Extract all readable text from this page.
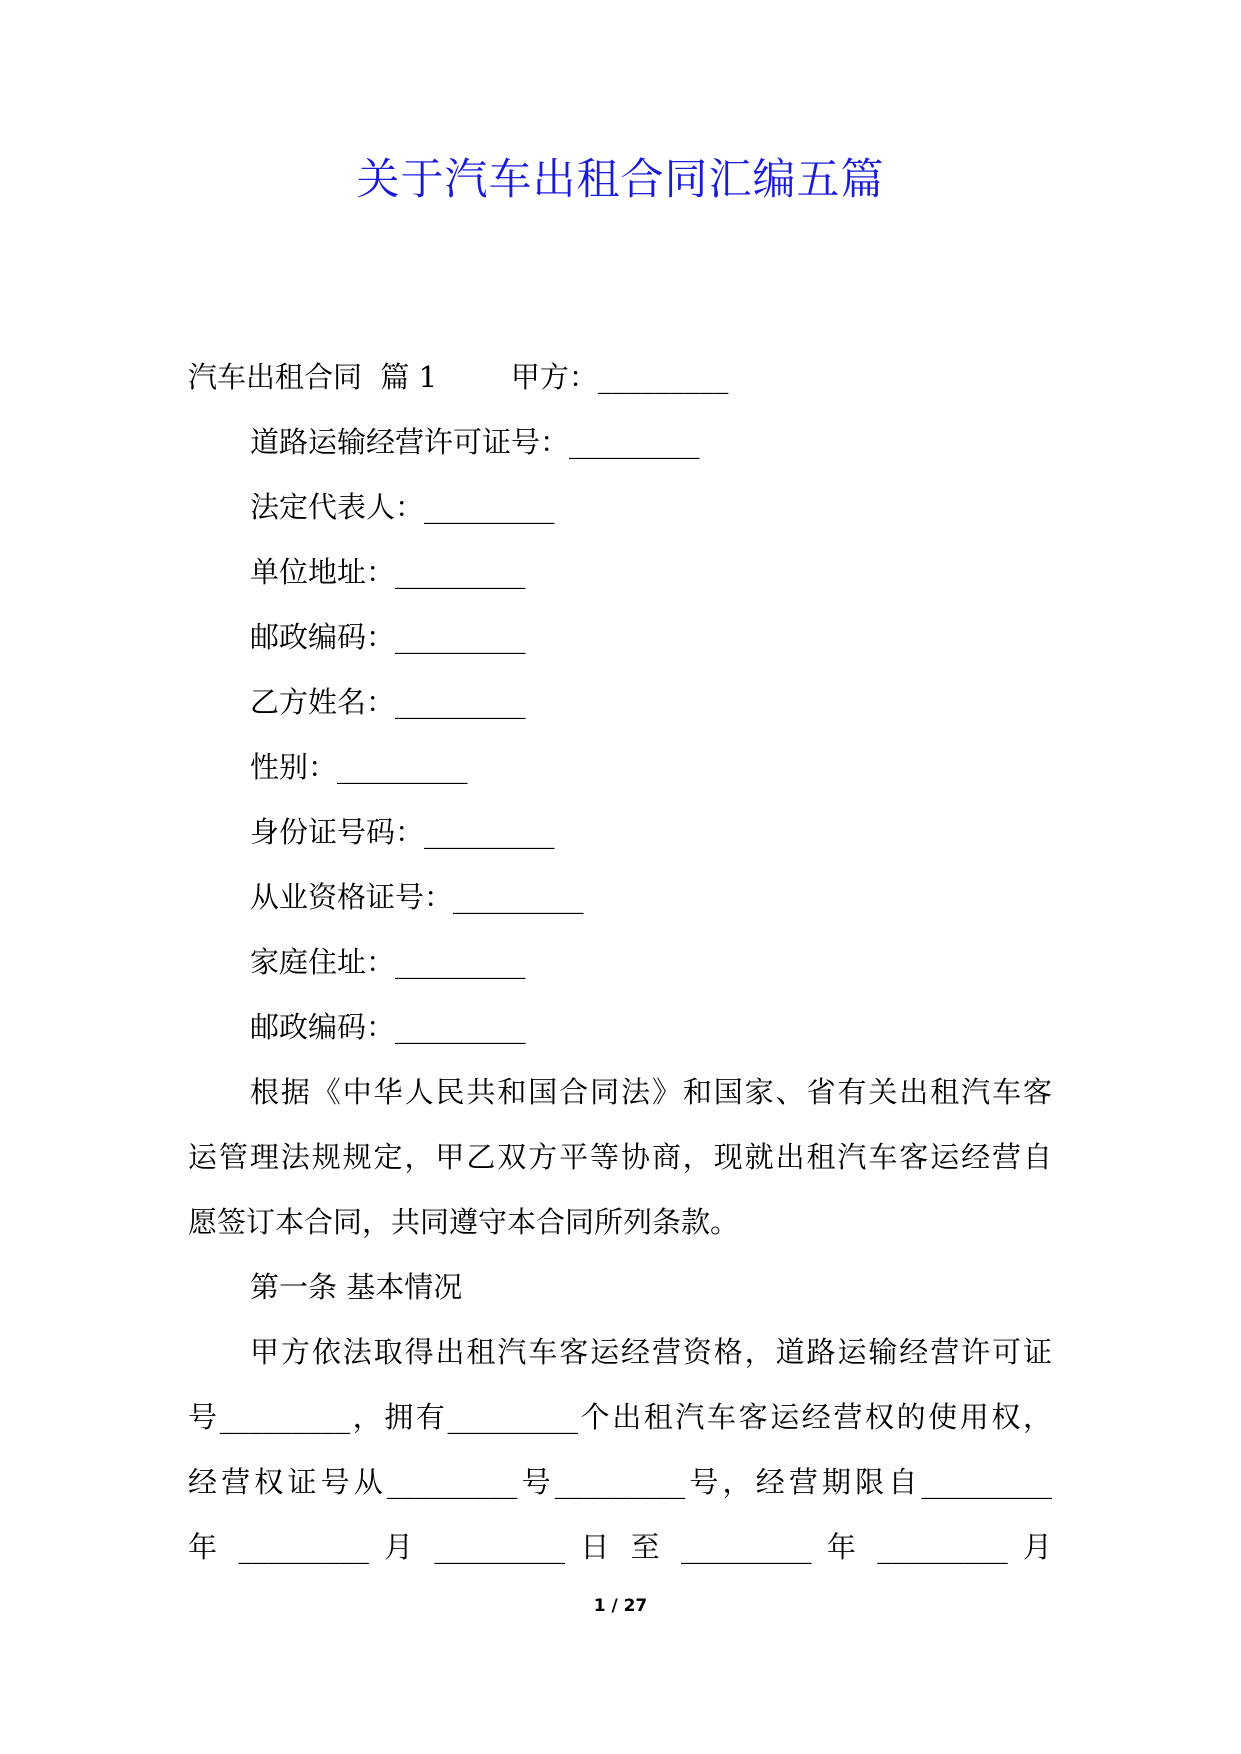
关于汽车出租合同汇编五篇

汽车出租合同  篇 1        甲方：_________

道路运输经营许可证号：_________

法定代表人：_________

单位地址：_________

邮政编码：_________

乙方姓名：_________

性别：_________

身份证号码：_________

从业资格证号：_________

家庭住址：_________

邮政编码：_________

根据《中华人民共和国合同法》和国家、省有关出租汽车客

运管理法规规定，甲乙双方平等协商，现就出租汽车客运经营自

愿签订本合同，共同遵守本合同所列条款。

第一条 基本情况

甲方依法取得出租汽车客运经营资格，道路运输经营许可证

号_________，拥有_________个出租汽车客运经营权的使用权，

经营权证号从_________号_________号，经营期限自_________

年 _________ 月 _________ 日 至 _________ 年 _________ 月

1 / 27
